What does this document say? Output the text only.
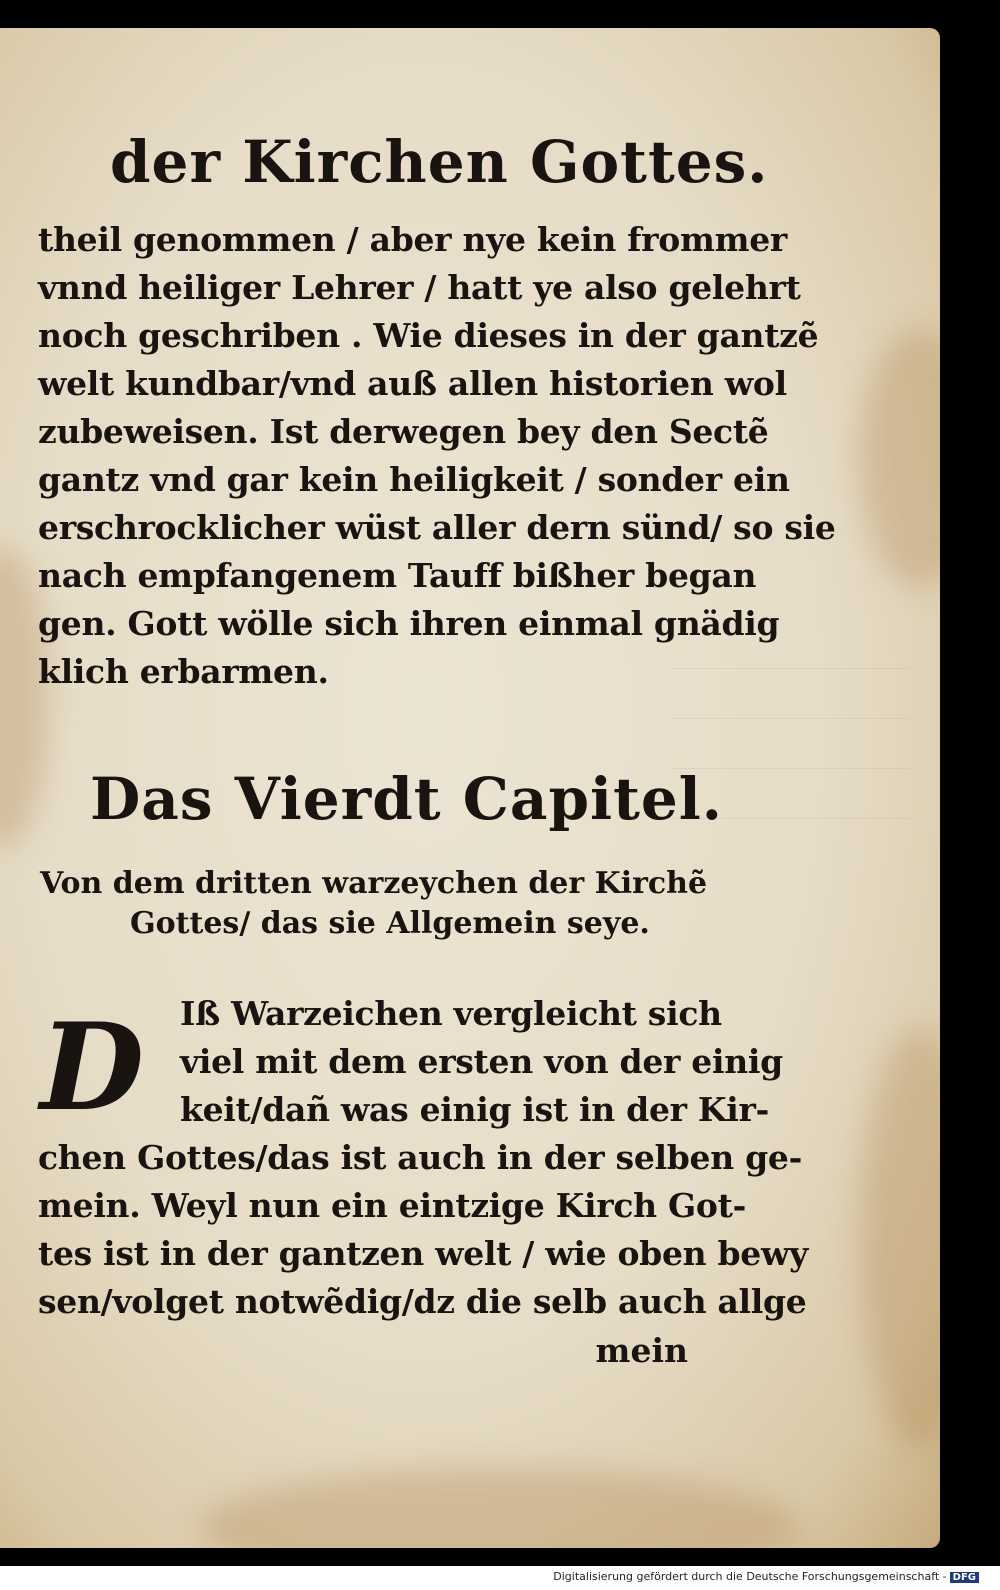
der Kirchen Gottes.
theil genommen / aber nye kein frommer
vnnd heiliger Lehrer / hatt ye also gelehrt
noch geschriben . Wie dieses in der gantzẽ
welt kundbar/vnd auß allen historien wol
zubeweisen. Ist derwegen bey den Sectẽ
gantz vnd gar kein heiligkeit / sonder ein
erschrocklicher wüst aller dern sünd/ so sie
nach empfangenem Tauff bißher began
gen. Gott wölle sich ihren einmal gnädig
klich erbarmen.
Das Vierdt Capitel.
Von dem dritten warzeychen der Kirchẽ
Gottes/ das sie Allgemein seye.
D	Iß Warzeichen vergleicht sich
viel mit dem ersten von der einig
keit/dañ was einig ist in der Kir-
chen Gottes/das ist auch in der selben ge-
mein. Weyl nun ein eintzige Kirch Got-
tes ist in der gantzen welt / wie oben bewy
sen/volget notwẽdig/dz die selb auch allge
mein
Digitalisierung gefördert durch die Deutsche Forschungsgemeinschaft - DFG
